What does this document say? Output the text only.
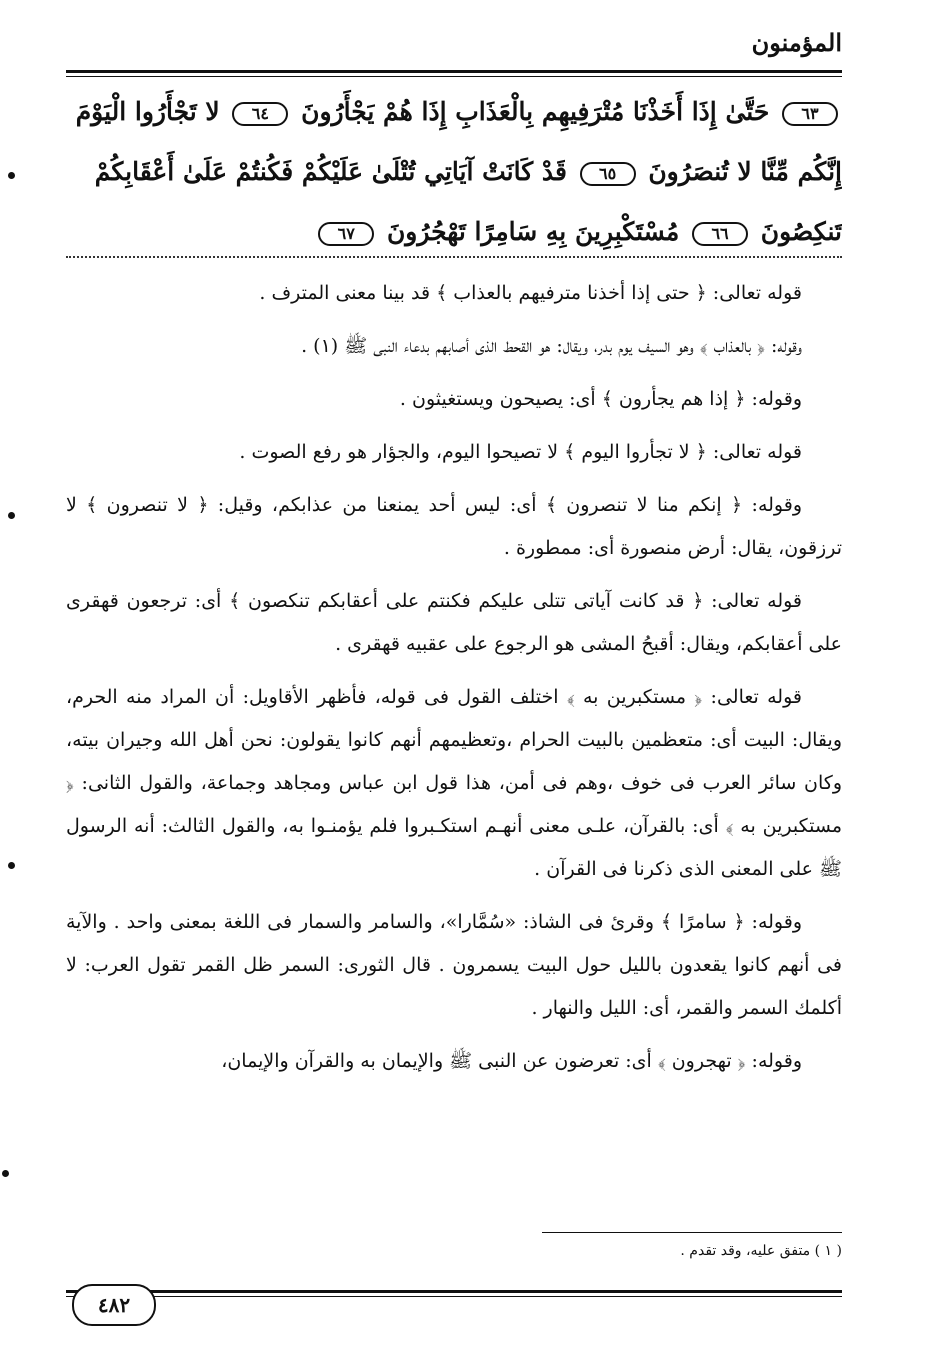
المؤمنون
٦٣ حَتَّىٰ إِذَا أَخَذْنَا مُتْرَفِيهِم بِالْعَذَابِ إِذَا هُمْ يَجْأَرُونَ ٦٤ لا تَجْأَرُوا الْيَوْمَ
إِنَّكُم مِّنَّا لا تُنصَرُونَ ٦٥ قَدْ كَانَتْ آيَاتِي تُتْلَىٰ عَلَيْكُمْ فَكُنتُمْ عَلَىٰ أَعْقَابِكُمْ
تَنكِصُونَ ٦٦ مُسْتَكْبِرِينَ بِهِ سَامِرًا تَهْجُرُونَ ٦٧

قوله تعالى: ﴿ حتى إذا أخذنا مترفيهم بالعذاب ﴾ قد بينا معنى المترف .

وقوله: ﴿ بالعذاب ﴾ وهو السيف يوم بدر، ويقال: هو القحط الذى أصابهم بدعاء النبى ﷺ (١) .

وقوله: ﴿ إذا هم يجأرون ﴾ أى: يصيحون ويستغيثون .

قوله تعالى: ﴿ لا تجأروا اليوم ﴾ لا تصيحوا اليوم، والجؤار هو رفع الصوت .

وقوله: ﴿ إنكم منا لا تنصرون ﴾ أى: ليس أحد يمنعنا من عذابكم، وقيل: ﴿ لا تنصرون ﴾ لا ترزقون، يقال: أرض منصورة أى: ممطورة .

قوله تعالى: ﴿ قد كانت آياتى تتلى عليكم فكنتم على أعقابكم تنكصون ﴾ أى: ترجعون قهقرى على أعقابكم، ويقال: أقبحُ المشى هو الرجوع على عقبيه قهقرى .

قوله تعالى: ﴿ مستكبرين به ﴾ اختلف القول فى قوله، فأظهر الأقاويل: أن المراد منه الحرم، ويقال: البيت أى: متعظمين بالبيت الحرام ،وتعظيمهم أنهم كانوا يقولون: نحن أهل الله وجيران بيته، وكان سائر العرب فى خوف ،وهم فى أمن، هذا قول ابن عباس ومجاهد وجماعة، والقول الثانى: ﴿ مستكبرين به ﴾ أى: بالقرآن، علـى معنى أنهـم استكـبروا فلم يؤمنـوا به، والقول الثالث: أنه الرسول ﷺ على المعنى الذى ذكرنا فى القرآن .

وقوله: ﴿ سامرًا ﴾ وقرئ فى الشاذ: «سُمَّارا»، والسامر والسمار فى اللغة بمعنى واحد . والآية فى أنهم كانوا يقعدون بالليل حول البيت يسمرون . قال الثورى: السمر ظل القمر تقول العرب: لا أكلمك السمر والقمر، أى: الليل والنهار .

وقوله: ﴿ تهجرون ﴾ أى: تعرضون عن النبى ﷺ والإيمان به والقرآن والإيمان،

( ١ ) متفق عليه، وقد تقدم .
٤٨٢
